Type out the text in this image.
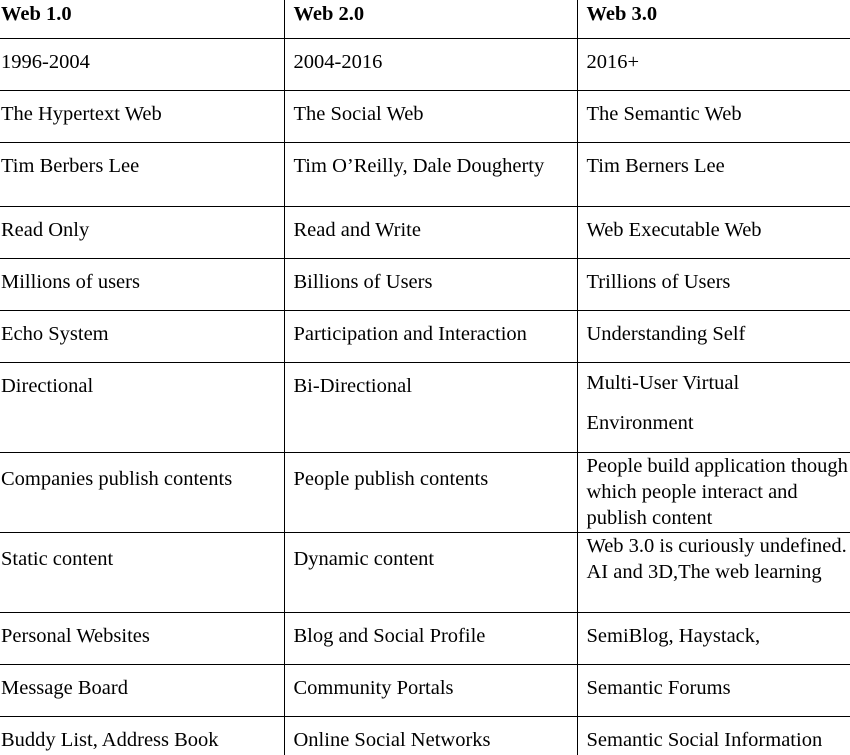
Web 1.0	Web 2.0	Web 3.0
1996-2004	2004-2016	2016+
The Hypertext Web	The Social Web	The Semantic Web
Tim Berbers Lee	Tim O’Reilly, Dale Dougherty	Tim Berners Lee
Read Only	Read and Write	Web Executable Web
Millions of users	Billions of Users	Trillions of Users
Echo System	Participation and Interaction	Understanding Self
Directional	Bi-Directional	Multi-User Virtual Environment
Companies publish contents	People publish contents	People build application though which people interact and publish content
Static content	Dynamic content	Web 3.0 is curiously undefined. AI and 3D,The web learning
Personal Websites	Blog and Social Profile	SemiBlog, Haystack,
Message Board	Community Portals	Semantic Forums
Buddy List, Address Book	Online Social Networks	Semantic Social Information
